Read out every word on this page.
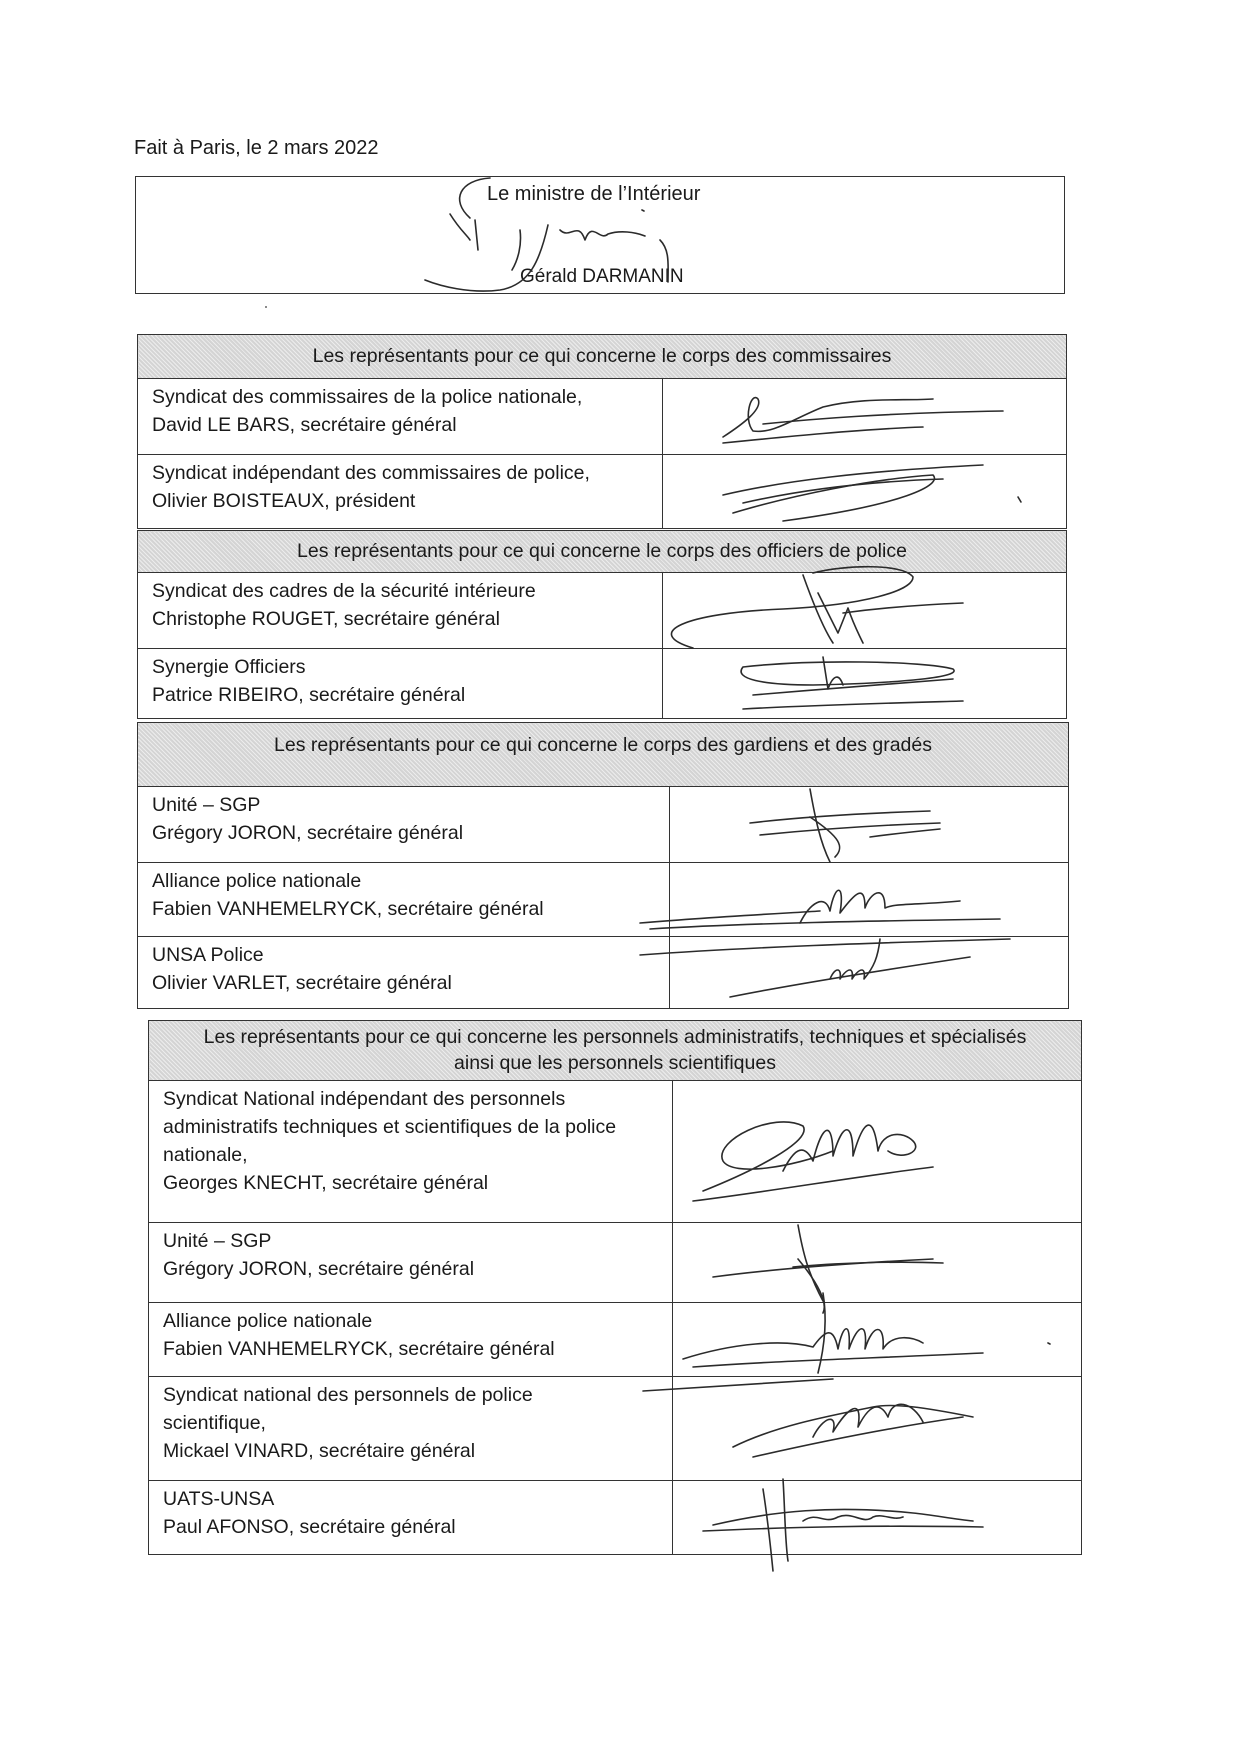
Fait à Paris, le 2 mars 2022
Le ministre de l’Intérieur
Gérald DARMANIN
Les représentants pour ce qui concerne le corps des commissaires	

Syndicat des commissaires de la police nationale,
David LE BARS, secrétaire général

Syndicat indépendant des commissaires de police,
Olivier BOISTEAUX, président

Les représentants pour ce qui concerne le corps des officiers de police	

Syndicat des cadres de la sécurité intérieure
Christophe ROUGET, secrétaire général

Synergie Officiers
Patrice RIBEIRO, secrétaire général

Les représentants pour ce qui concerne le corps des gardiens et des gradés	

Unité – SGP
Grégory JORON, secrétaire général

Alliance police nationale
Fabien VANHEMELRYCK, secrétaire général

UNSA Police
Olivier VARLET, secrétaire général

Les représentants pour ce qui concerne les personnels administratifs, techniques et spécialisés
ainsi que les personnels scientifiques	

Syndicat National indépendant des personnels
administratifs techniques et scientifiques de la police
nationale,
Georges KNECHT, secrétaire général

Unité – SGP
Grégory JORON, secrétaire général

Alliance police nationale
Fabien VANHEMELRYCK, secrétaire général

Syndicat national des personnels de police
scientifique,
Mickael VINARD, secrétaire général

UATS-UNSA
Paul AFONSO, secrétaire général
